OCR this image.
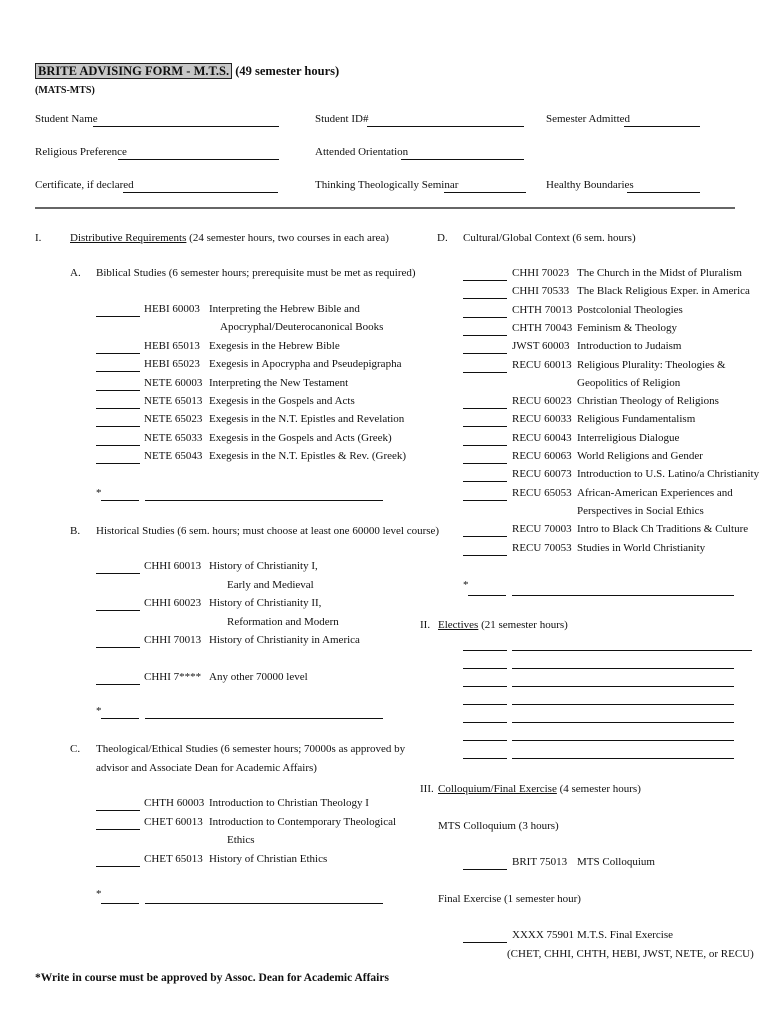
BRITE ADVISING FORM - M.T.S. (49 semester hours)
(MATS-MTS)
Student Name	Student ID#	Semester Admitted
Religious Preference	Attended Orientation
Certificate, if declared	Thinking Theologically Seminar	Healthy Boundaries
I.	Distributive Requirements (24 semester hours, two courses in each area)
A. Biblical Studies (6 semester hours; prerequisite must be met as required)
HEBI 60003 Interpreting the Hebrew Bible and
Apocryphal/Deuterocanonical Books
HEBI 65013 Exegesis in the Hebrew Bible
HEBI 65023 Exegesis in Apocrypha and Pseudepigrapha
NETE 60003 Interpreting the New Testament
NETE 65013 Exegesis in the Gospels and Acts
NETE 65023 Exegesis in the N.T. Epistles and Revelation
NETE 65033 Exegesis in the Gospels and Acts (Greek)
NETE 65043 Exegesis in the N.T. Epistles & Rev. (Greek)
*
B. Historical Studies (6 sem. hours; must choose at least one 60000 level course)
CHHI 60013 History of Christianity I,
Early and Medieval
CHHI 60023 History of Christianity II,
Reformation and Modern
CHHI 70013 History of Christianity in America
CHHI 7**** Any other 70000 level
*
C. Theological/Ethical Studies (6 semester hours; 70000s as approved by
advisor and Associate Dean for Academic Affairs)
CHTH 60003 Introduction to Christian Theology I
CHET 60013 Introduction to Contemporary Theological
Ethics
CHET 65013 History of Christian Ethics
*
D. Cultural/Global Context (6 sem. hours)
CHHI 70023 The Church in the Midst of Pluralism
CHHI 70533 The Black Religious Exper. in America
CHTH 70013 Postcolonial Theologies
CHTH 70043 Feminism & Theology
JWST 60003 Introduction to Judaism
RECU 60013 Religious Plurality: Theologies &
Geopolitics of Religion
RECU 60023 Christian Theology of Religions
RECU 60033 Religious Fundamentalism
RECU 60043 Interreligious Dialogue
RECU 60063 World Religions and Gender
RECU 60073 Introduction to U.S. Latino/a Christianity
RECU 65053 African-American Experiences and
Perspectives in Social Ethics
RECU 70003 Intro to Black Ch Traditions & Culture
RECU 70053 Studies in World Christianity
*
II. Electives (21 semester hours)
III. Colloquium/Final Exercise (4 semester hours)
MTS Colloquium (3 hours)
BRIT 75013 MTS Colloquium
Final Exercise (1 semester hour)
XXXX 75901 M.T.S. Final Exercise
(CHET, CHHI, CHTH, HEBI, JWST, NETE, or RECU)
*Write in course must be approved by Assoc. Dean for Academic Affairs
